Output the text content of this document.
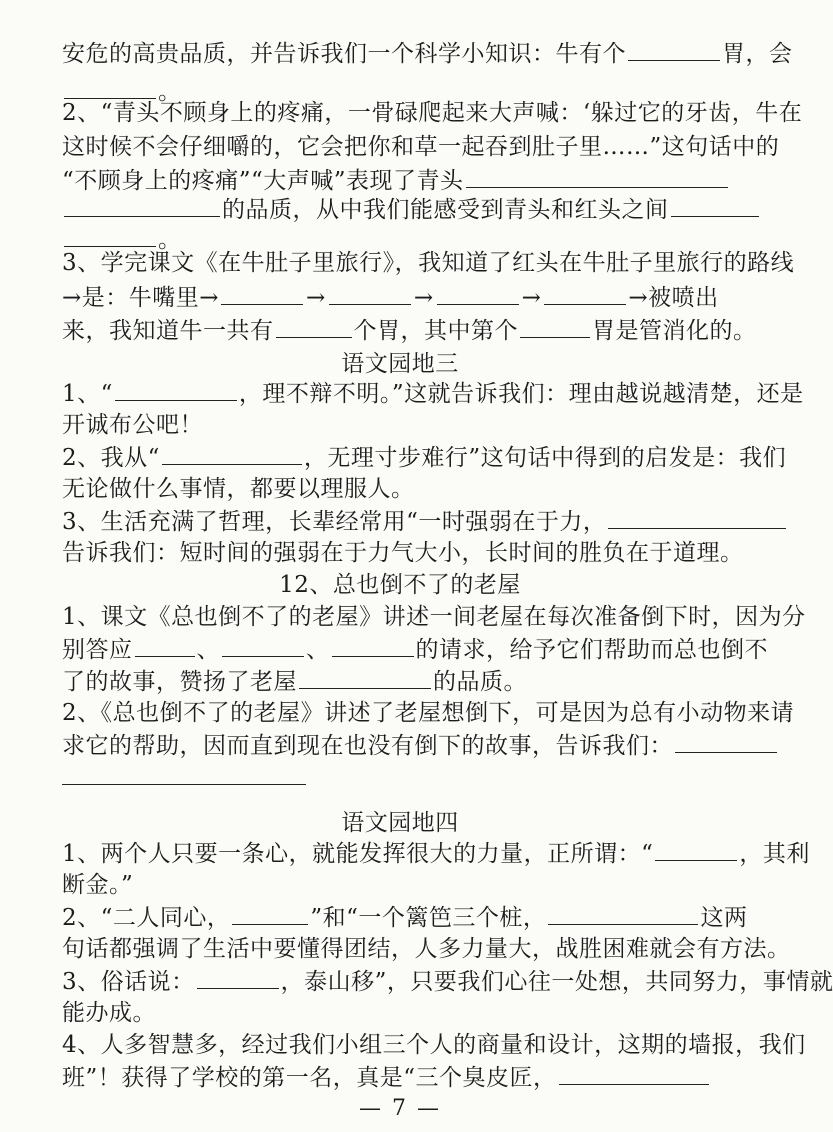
安危的高贵品质，并告诉我们一个科学小知识：牛有个	胃，会
。
2、“青头不顾身上的疼痛，一骨碌爬起来大声喊：‘躲过它的牙齿，牛在
这时候不会仔细嚼的，它会把你和草一起吞到肚子里……”这句话中的
“不顾身上的疼痛”“大声喊”表现了青头
的品质，从中我们能感受到青头和红头之间
。
3、学完课文《在牛肚子里旅行》，我知道了红头在牛肚子里旅行的路线
→是：牛嘴里→	→	→	→	→被喷出
来，我知道牛一共有	个胃，其中第个	胃是管消化的。
语文园地三
1、“	，理不辩不明。”这就告诉我们：理由越说越清楚，还是
开诚布公吧！
2、我从“	，无理寸步难行”这句话中得到的启发是：我们
无论做什么事情，都要以理服人。
3、生活充满了哲理，长辈经常用“一时强弱在于力，
告诉我们：短时间的强弱在于力气大小，长时间的胜负在于道理。
12、总也倒不了的老屋
1、课文《总也倒不了的老屋》讲述一间老屋在每次准备倒下时，因为分
别答应	、	、	的请求，给予它们帮助而总也倒不
了的故事，赞扬了老屋	的品质。
2、《总也倒不了的老屋》讲述了老屋想倒下，可是因为总有小动物来请
求它的帮助，因而直到现在也没有倒下的故事，告诉我们：
语文园地四
1、两个人只要一条心，就能发挥很大的力量，正所谓：“	，其利
断金。”
2、“二人同心，	”和“一个篱笆三个桩，	这两
句话都强调了生活中要懂得团结，人多力量大，战胜困难就会有方法。
3、俗话说：	，泰山移”，只要我们心往一处想，共同努力，事情就
能办成。
4、人多智慧多，经过我们小组三个人的商量和设计，这期的墙报，我们
班”！获得了学校的第一名，真是“三个臭皮匠，
— 7 —
